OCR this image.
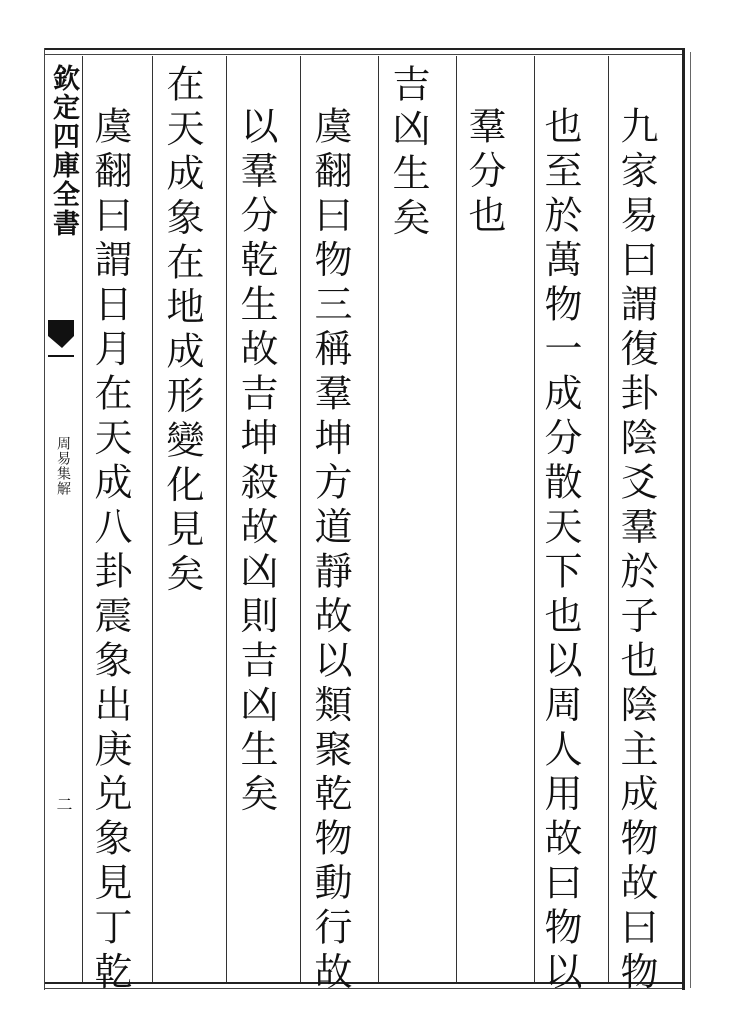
欽定四庫全書
周易集解
二	九家易曰謂復卦陰爻羣於子也陰主成物故曰物
也至於萬物一成分散天下也以周人用故曰物以
羣分也
吉凶生矣
虞翻曰物三稱羣坤方道靜故以類聚乾物動行故
以羣分乾生故吉坤殺故凶則吉凶生矣
在天成象在地成形變化見矣
虞翻曰謂日月在天成八卦震象出庚兑象見丁乾
